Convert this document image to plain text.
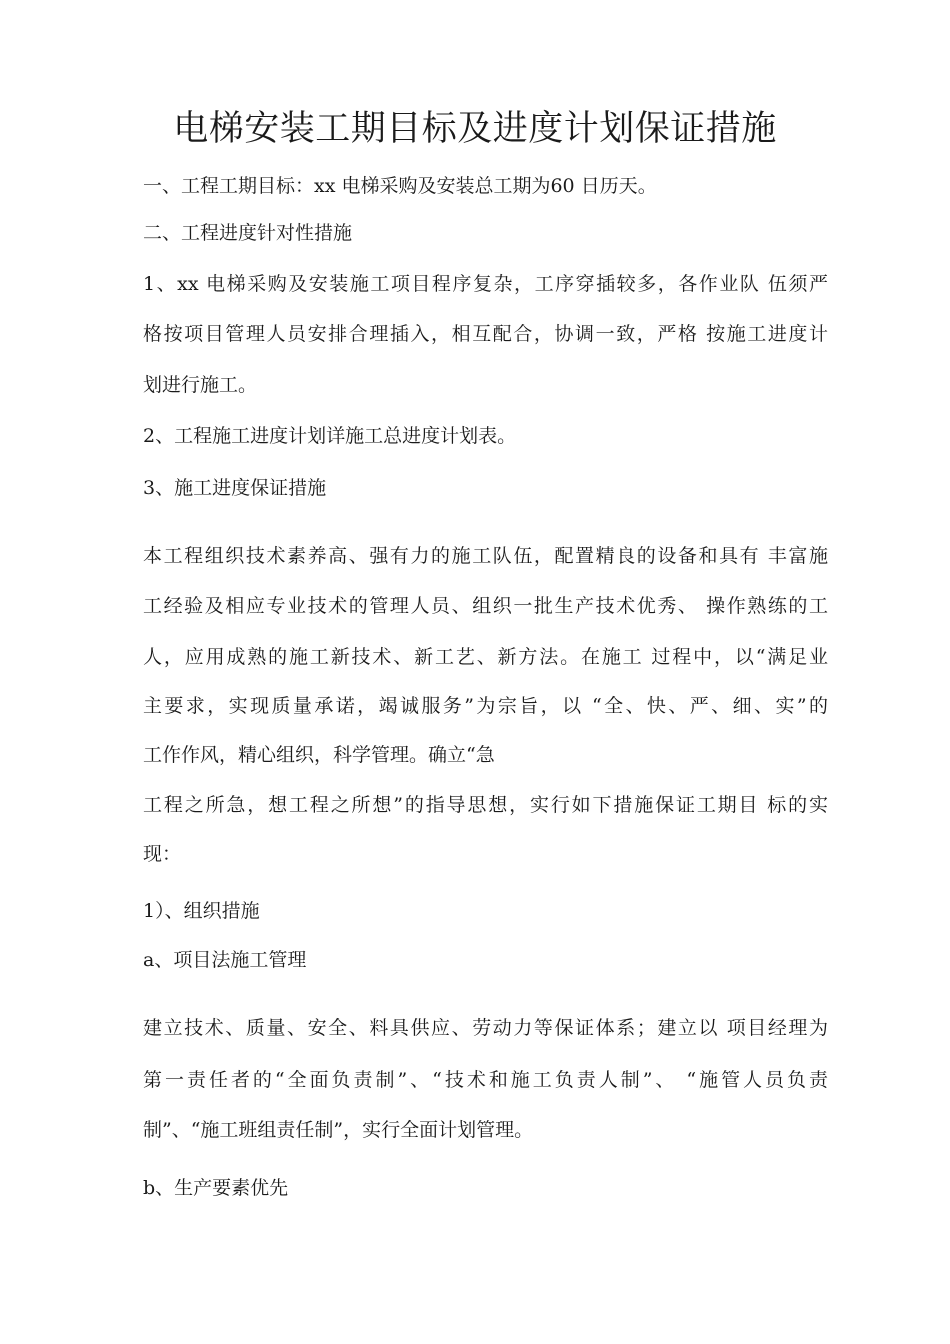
电梯安装工期目标及进度计划保证措施
一、工程工期目标：xx 电梯采购及安装总工期为60 日历天。
二、工程进度针对性措施
1、xx 电梯采购及安装施工项目程序复杂，工序穿插较多，各作业队 伍须严
格按项目管理人员安排合理插入，相互配合，协调一致，严格 按施工进度计
划进行施工。
2、工程施工进度计划详施工总进度计划表。
3、施工进度保证措施
本工程组织技术素养高、强有力的施工队伍，配置精良的设备和具有 丰富施
工经验及相应专业技术的管理人员、组织一批生产技术优秀、 操作熟练的工
人，应用成熟的施工新技术、新工艺、新方法。在施工 过程中，以“满足业
主要求，实现质量承诺，竭诚服务”为宗旨，以 “全、快、严、细、实”的
工作作风，精心组织，科学管理。确立“急
工程之所急，想工程之所想”的指导思想，实行如下措施保证工期目 标的实
现：
1）、组织措施
a、项目法施工管理
建立技术、质量、安全、料具供应、劳动力等保证体系；建立以 项目经理为
第一责任者的“全面负责制”、“技术和施工负责人制”、 “施管人员负责
制”、“施工班组责任制”，实行全面计划管理。
b、生产要素优先
